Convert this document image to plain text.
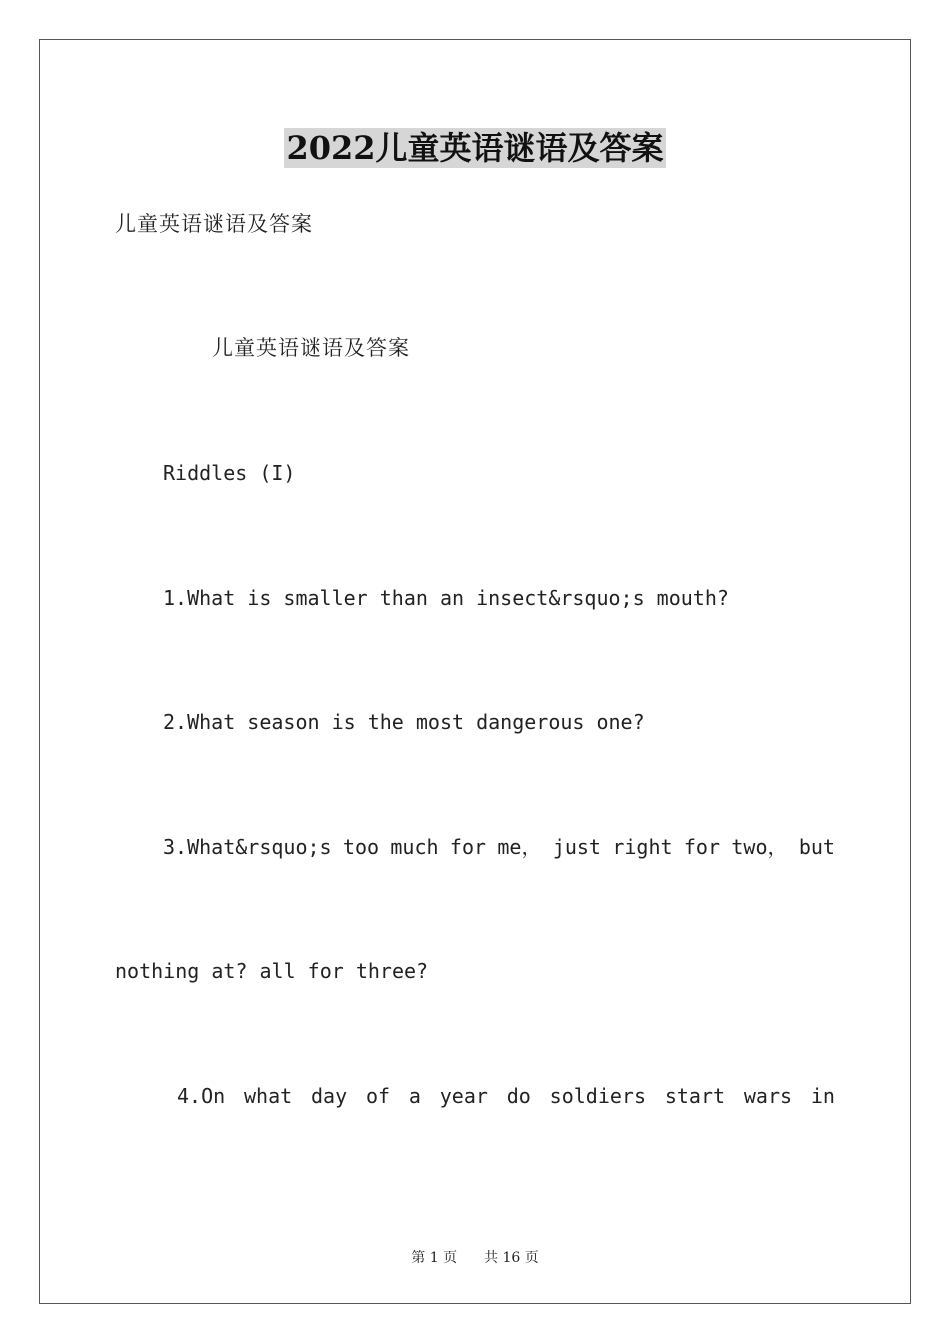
2022儿童英语谜语及答案
儿童英语谜语及答案
儿童英语谜语及答案
Riddles (I)
1.What is smaller than an insect&rsquo;s mouth?
2.What season is the most dangerous one?
3.What&rsquo;s too much for me， just right for two， but
nothing at? all for three?
4.On what day of a year do soldiers start wars in
第 1 页 共 16 页
